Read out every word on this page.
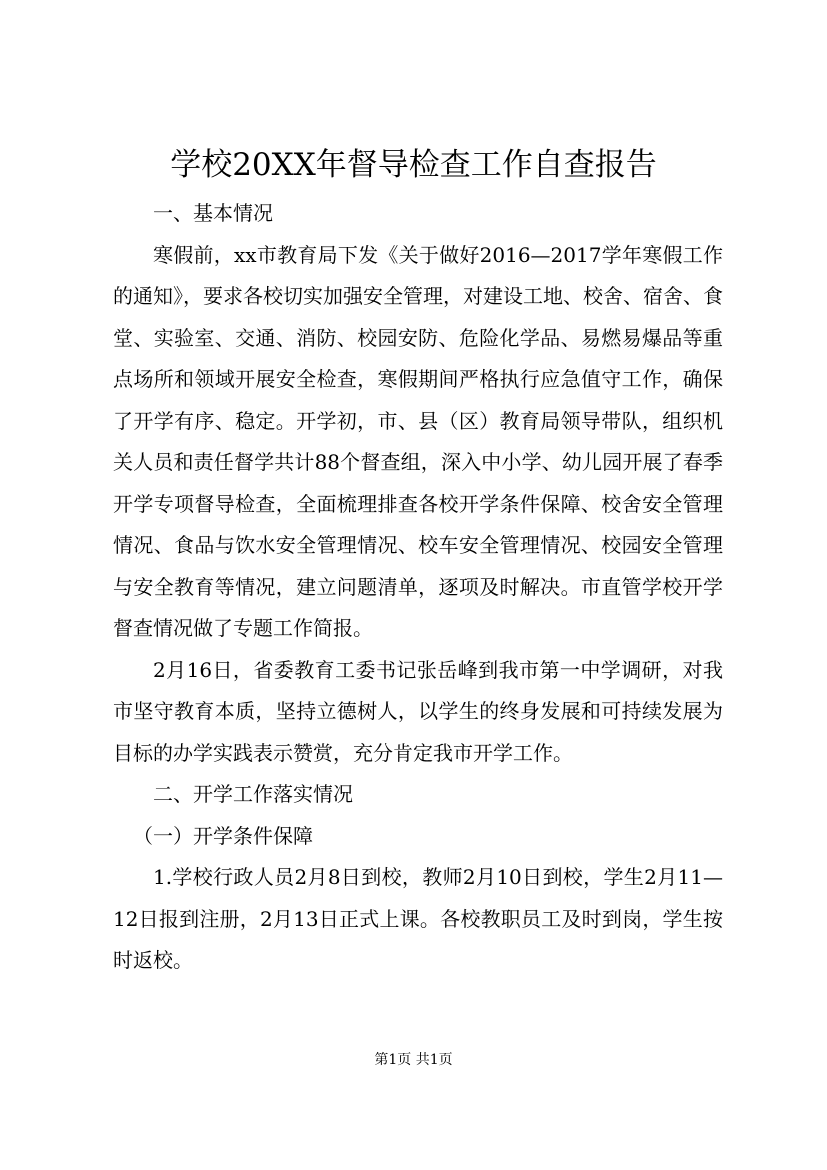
学校20XX年督导检查工作自查报告

一、基本情况

寒假前，xx市教育局下发《关于做好2016—2017学年寒假工作的通知》，要求各校切实加强安全管理，对建设工地、校舍、宿舍、食堂、实验室、交通、消防、校园安防、危险化学品、易燃易爆品等重点场所和领域开展安全检查，寒假期间严格执行应急值守工作，确保了开学有序、稳定。开学初，市、县（区）教育局领导带队，组织机关人员和责任督学共计88个督查组，深入中小学、幼儿园开展了春季开学专项督导检查，全面梳理排查各校开学条件保障、校舍安全管理情况、食品与饮水安全管理情况、校车安全管理情况、校园安全管理与安全教育等情况，建立问题清单，逐项及时解决。市直管学校开学督查情况做了专题工作简报。

2月16日，省委教育工委书记张岳峰到我市第一中学调研，对我市坚守教育本质，坚持立德树人，以学生的终身发展和可持续发展为目标的办学实践表示赞赏，充分肯定我市开学工作。

二、开学工作落实情况

（一）开学条件保障

1.学校行政人员2月8日到校，教师2月10日到校，学生2月11—12日报到注册，2月13日正式上课。各校教职员工及时到岗，学生按时返校。

第1页 共1页
